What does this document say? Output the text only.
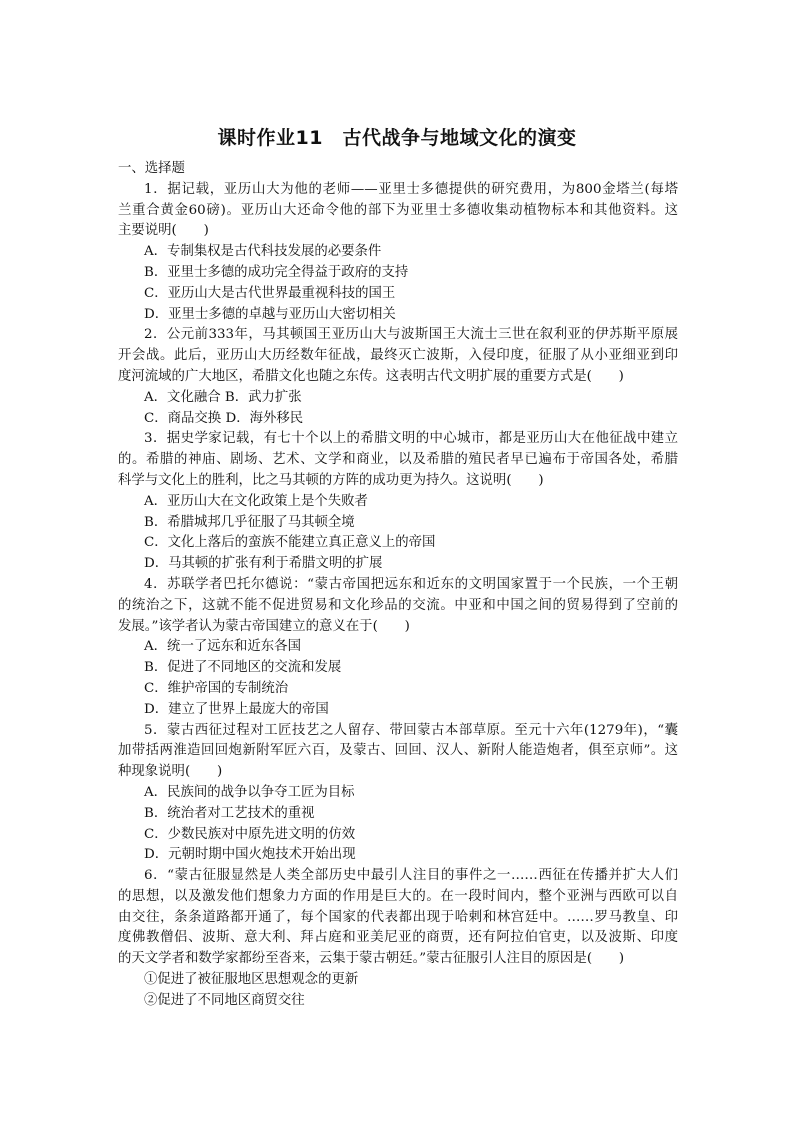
课时作业11　古代战争与地域文化的演变
一、选择题
1．据记载，亚历山大为他的老师——亚里士多德提供的研究费用，为800金塔兰(每塔
兰重合黄金60磅)。亚历山大还命令他的部下为亚里士多德收集动植物标本和其他资料。这
主要说明(　　)
A．专制集权是古代科技发展的必要条件
B．亚里士多德的成功完全得益于政府的支持
C．亚历山大是古代世界最重视科技的国王
D．亚里士多德的卓越与亚历山大密切相关
2．公元前333年，马其顿国王亚历山大与波斯国王大流士三世在叙利亚的伊苏斯平原展
开会战。此后，亚历山大历经数年征战，最终灭亡波斯，入侵印度，征服了从小亚细亚到印
度河流域的广大地区，希腊文化也随之东传。这表明古代文明扩展的重要方式是(　　)
A．文化融合 B．武力扩张
C．商品交换 D．海外移民
3．据史学家记载，有七十个以上的希腊文明的中心城市，都是亚历山大在他征战中建立
的。希腊的神庙、剧场、艺术、文学和商业，以及希腊的殖民者早已遍布于帝国各处，希腊
科学与文化上的胜利，比之马其顿的方阵的成功更为持久。这说明(　　)
A．亚历山大在文化政策上是个失败者
B．希腊城邦几乎征服了马其顿全境
C．文化上落后的蛮族不能建立真正意义上的帝国
D．马其顿的扩张有利于希腊文明的扩展
4．苏联学者巴托尔德说：“蒙古帝国把远东和近东的文明国家置于一个民族，一个王朝
的统治之下，这就不能不促进贸易和文化珍品的交流。中亚和中国之间的贸易得到了空前的
发展。”该学者认为蒙古帝国建立的意义在于(　　)
A．统一了远东和近东各国
B．促进了不同地区的交流和发展
C．维护帝国的专制统治
D．建立了世界上最庞大的帝国
5．蒙古西征过程对工匠技艺之人留存、带回蒙古本部草原。至元十六年(1279年)，“囊
加带括两淮造回回炮新附军匠六百，及蒙古、回回、汉人、新附人能造炮者，俱至京师”。这
种现象说明(　　)
A．民族间的战争以争夺工匠为目标
B．统治者对工艺技术的重视
C．少数民族对中原先进文明的仿效
D．元朝时期中国火炮技术开始出现
6．“蒙古征服显然是人类全部历史中最引人注目的事件之一……西征在传播并扩大人们
的思想，以及激发他们想象力方面的作用是巨大的。在一段时间内，整个亚洲与西欧可以自
由交往，条条道路都开通了，每个国家的代表都出现于哈剌和林宫廷中。……罗马教皇、印
度佛教僧侣、波斯、意大利、拜占庭和亚美尼亚的商贾，还有阿拉伯官吏，以及波斯、印度
的天文学者和数学家都纷至沓来，云集于蒙古朝廷。”蒙古征服引人注目的原因是(　　)
①促进了被征服地区思想观念的更新
②促进了不同地区商贸交往
